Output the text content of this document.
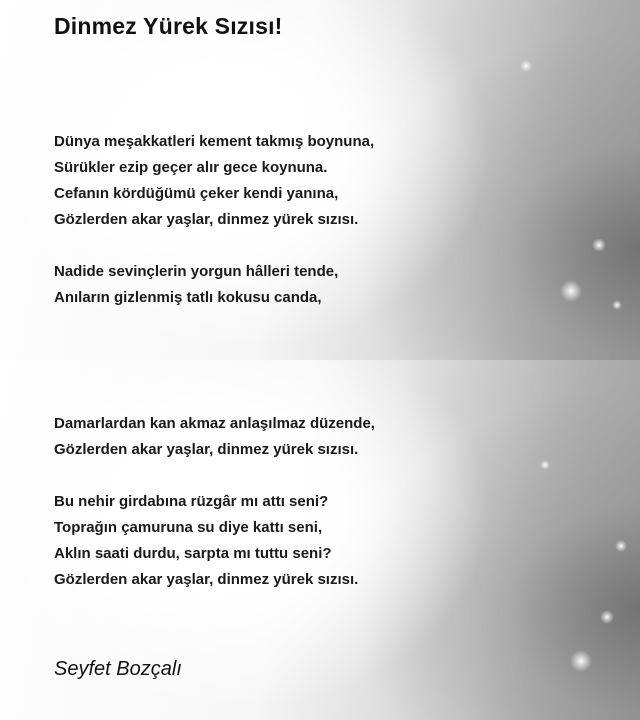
Dinmez Yürek Sızısı!
Dünya meşakkatleri kement takmış boynuna,
Sürükler ezip geçer alır gece koynuna.
Cefanın kördüğümü çeker kendi yanına,
Gözlerden akar yaşlar, dinmez yürek sızısı.
Nadide sevinçlerin yorgun hâlleri tende,
Anıların gizlenmiş tatlı kokusu canda,
Damarlardan kan akmaz anlaşılmaz düzende,
Gözlerden akar yaşlar, dinmez yürek sızısı.
Bu nehir girdabına rüzgâr mı attı seni?
Toprağın çamuruna su diye kattı seni,
Aklın saati durdu, sarpta mı tuttu seni?
Gözlerden akar yaşlar, dinmez yürek sızısı.
Seyfet Bozçalı
